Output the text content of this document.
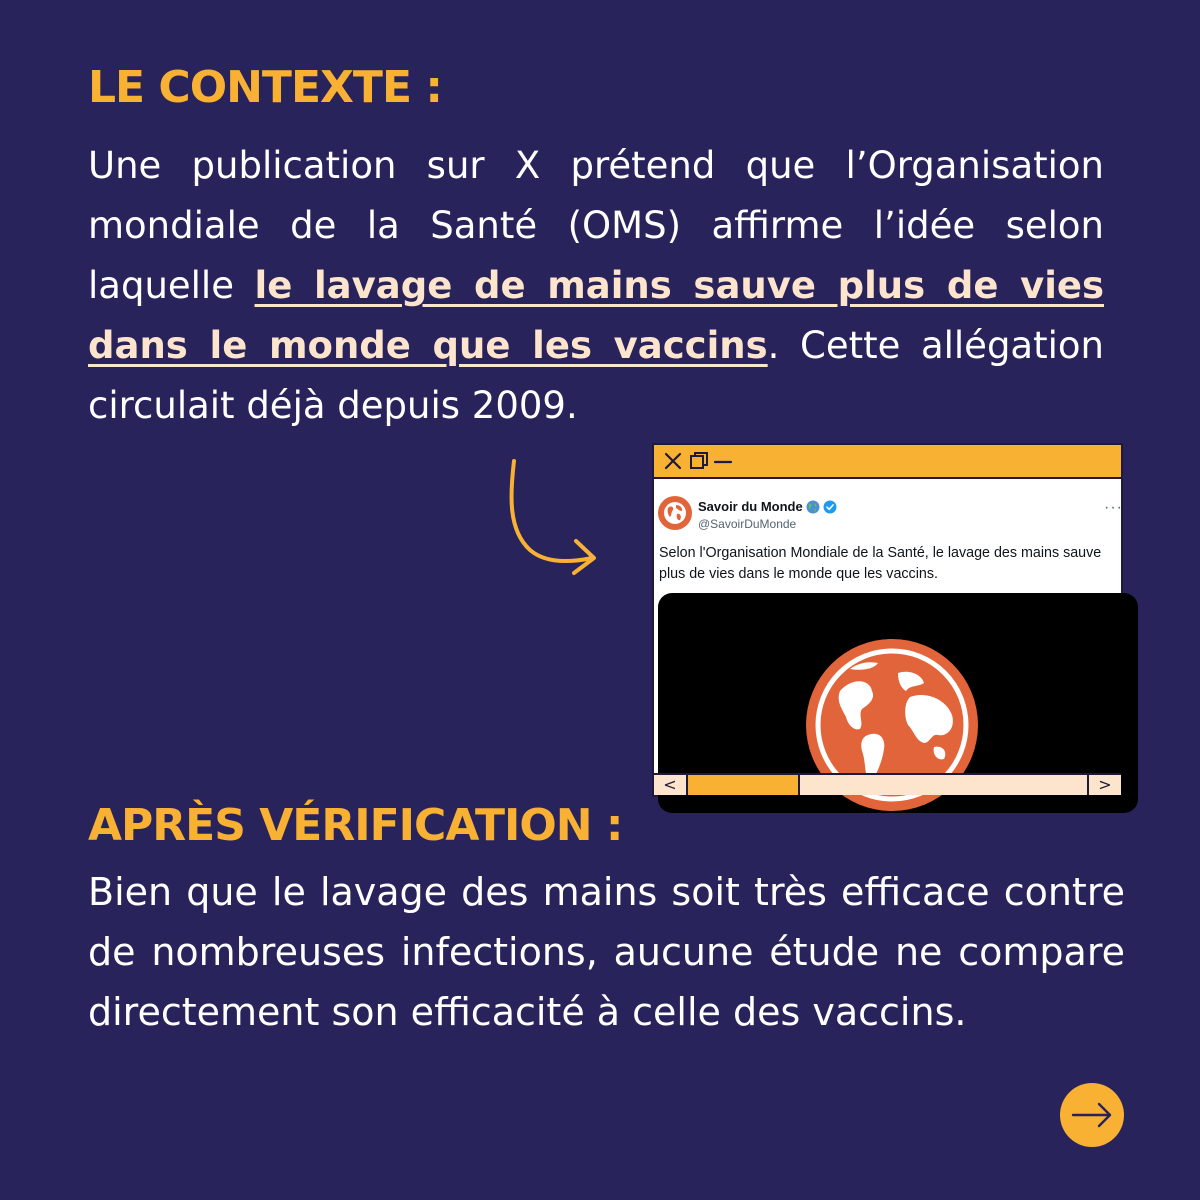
LE CONTEXTE :

Une publication sur X prétend que l’Organisation mondiale de la Santé (OMS) affirme l’idée selon laquelle le lavage de mains sauve plus de vies dans le monde que les vaccins. Cette allégation circulait déjà depuis 2009.

Savoir du Monde
@SavoirDuMonde
···
Selon l'Organisation Mondiale de la Santé, le lavage des mains sauve plus de vies dans le monde que les vaccins.
<	>
APRÈS VÉRIFICATION :

Bien que le lavage des mains soit très efficace contre de nombreuses infections, aucune étude ne compare directement son efficacité à celle des vaccins.
